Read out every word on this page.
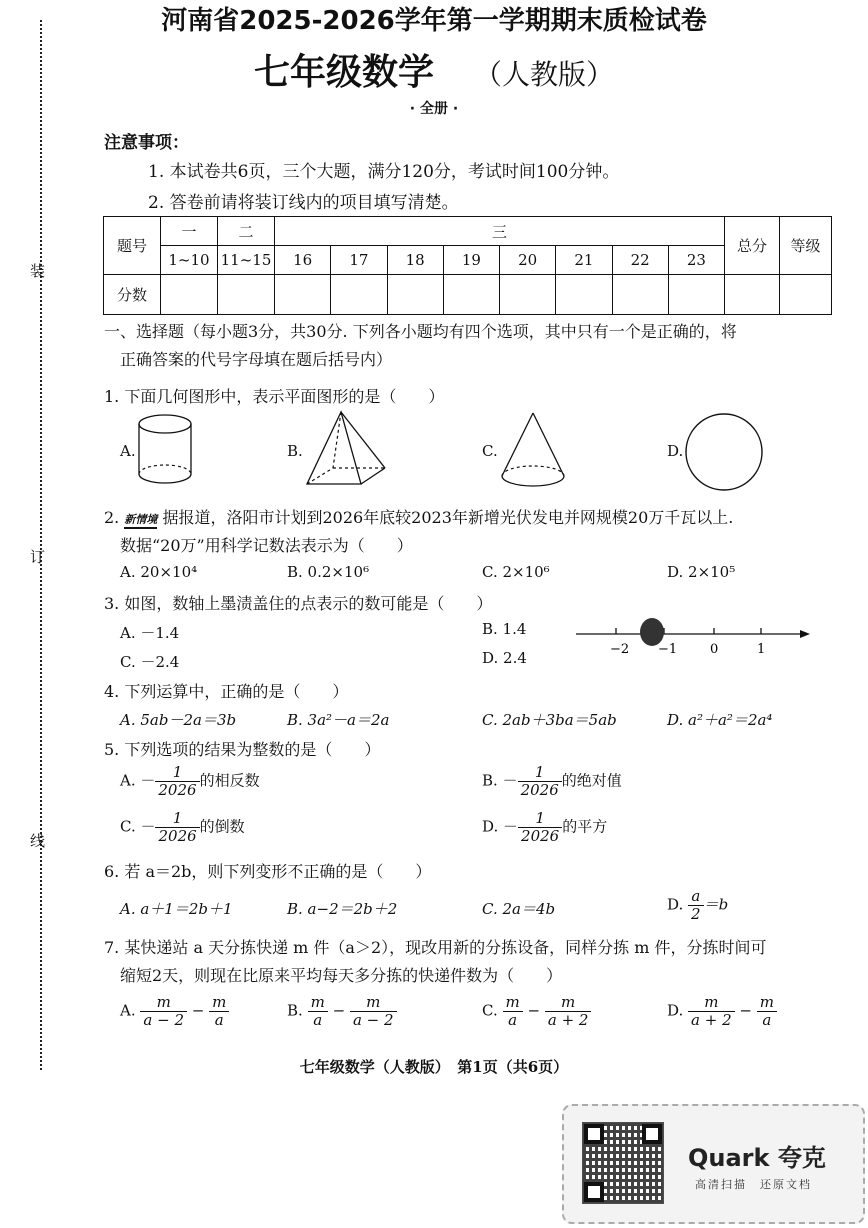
装
订
线
河南省2025-2026学年第一学期期末质检试卷
七年级数学 （人教版）
· 全册 ·
注意事项：
1. 本试卷共6页，三个大题，满分120分，考试时间100分钟。
2. 答卷前请将装订线内的项目填写清楚。
题号	一	二	三								总分	等级
	1~10	11~15	16	17	18	19	20	21	22	23		
分数												
一、选择题（每小题3分，共30分. 下列各小题均有四个选项，其中只有一个是正确的，将
正确答案的代号字母填在题后括号内）
1. 下面几何图形中，表示平面图形的是（　　）
A.	B.	C.	D.
2. 新情境 据报道，洛阳市计划到2026年底较2023年新增光伏发电并网规模20万千瓦以上.
数据“20万”用科学记数法表示为（　　）
A. 20×10⁴	B. 0.2×10⁶	C. 2×10⁶	D. 2×10⁵
3. 如图，数轴上墨渍盖住的点表示的数可能是（　　）
A. －1.4	B. 1.4
C. －2.4	D. 2.4	−2 −1	0	1
4. 下列运算中，正确的是（　　）
A. 5ab－2a＝3b	B. 3a²－a＝2a	C. 2ab＋3ba＝5ab	D. a²＋a²＝2a⁴
5. 下列选项的结果为整数的是（　　）
A. － $\frac{1}{2026}$ 的相反数	B. － $\frac{1}{2026}$ 的绝对值
C. － $\frac{1}{2026}$ 的倒数	D. － $\frac{1}{2026}$ 的平方
6. 若 a＝2b，则下列变形不正确的是（　　）
A. a＋1＝2b＋1	B. a−2＝2b＋2	C. 2a＝4b	D. $\frac{a}{2} =b$
7. 某快递站 a 天分拣快递 m 件（a＞2），现改用新的分拣设备，同样分拣 m 件，分拣时间可
缩短2天，则现在比原来平均每天多分拣的快递件数为（　　）
A. $\frac{m}{a - 2} - \frac{m}{a}$	B. $\frac{m}{a} - \frac{m}{a - 2}$	C. $\frac{m}{a} - \frac{m}{a + 2}$	D. $\frac{m}{a + 2} - \frac{m}{a}$
七年级数学（人教版）　第1页（共6页）
Quark 夸克
高清扫描　还原文档
